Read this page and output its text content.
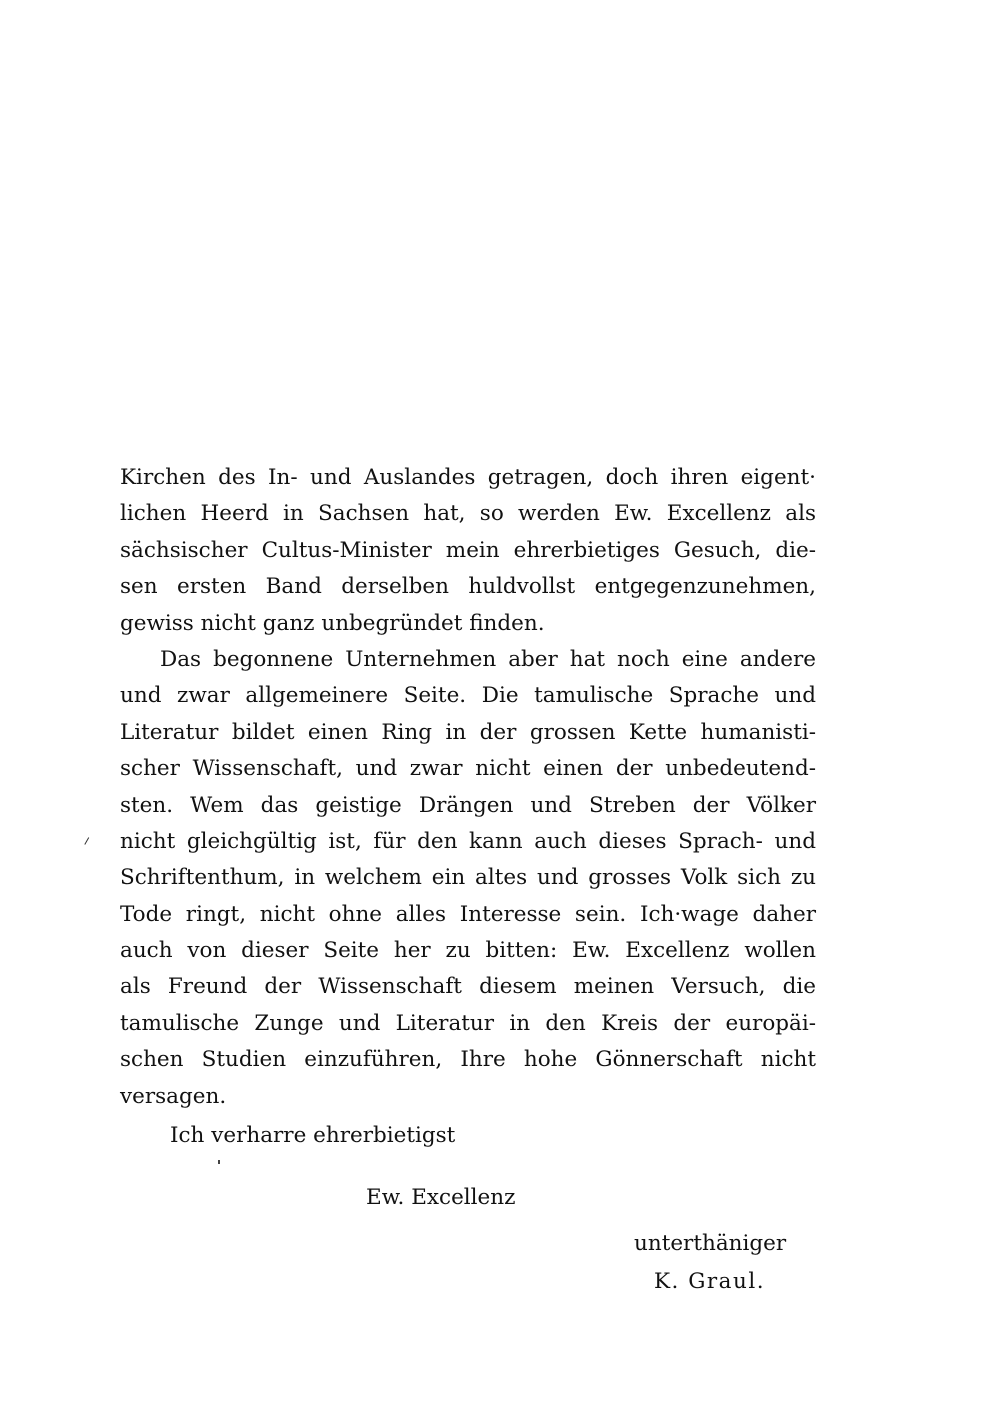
Kirchen des In- und Auslandes getragen, doch ihren eigent·
lichen Heerd in Sachsen hat, so werden Ew. Excellenz als
sächsischer Cultus-Minister mein ehrerbietiges Gesuch, die-
sen ersten Band derselben huldvollst entgegenzunehmen,
gewiss nicht ganz unbegründet finden.
Das begonnene Unternehmen aber hat noch eine andere
und zwar allgemeinere Seite. Die tamulische Sprache und
Literatur bildet einen Ring in der grossen Kette humanisti-
scher Wissenschaft, und zwar nicht einen der unbedeutend-
sten. Wem das geistige Drängen und Streben der Völker
nicht gleichgültig ist, für den kann auch dieses Sprach- und
Schriftenthum, in welchem ein altes und grosses Volk sich zu
Tode ringt, nicht ohne alles Interesse sein. Ich·wage daher
auch von dieser Seite her zu bitten: Ew. Excellenz wollen
als Freund der Wissenschaft diesem meinen Versuch, die
tamulische Zunge und Literatur in den Kreis der europäi-
schen Studien einzuführen, Ihre hohe Gönnerschaft nicht
versagen.
Ich verharre ehrerbietigst
Ew. Excellenz
unterthäniger
K. Graul.
